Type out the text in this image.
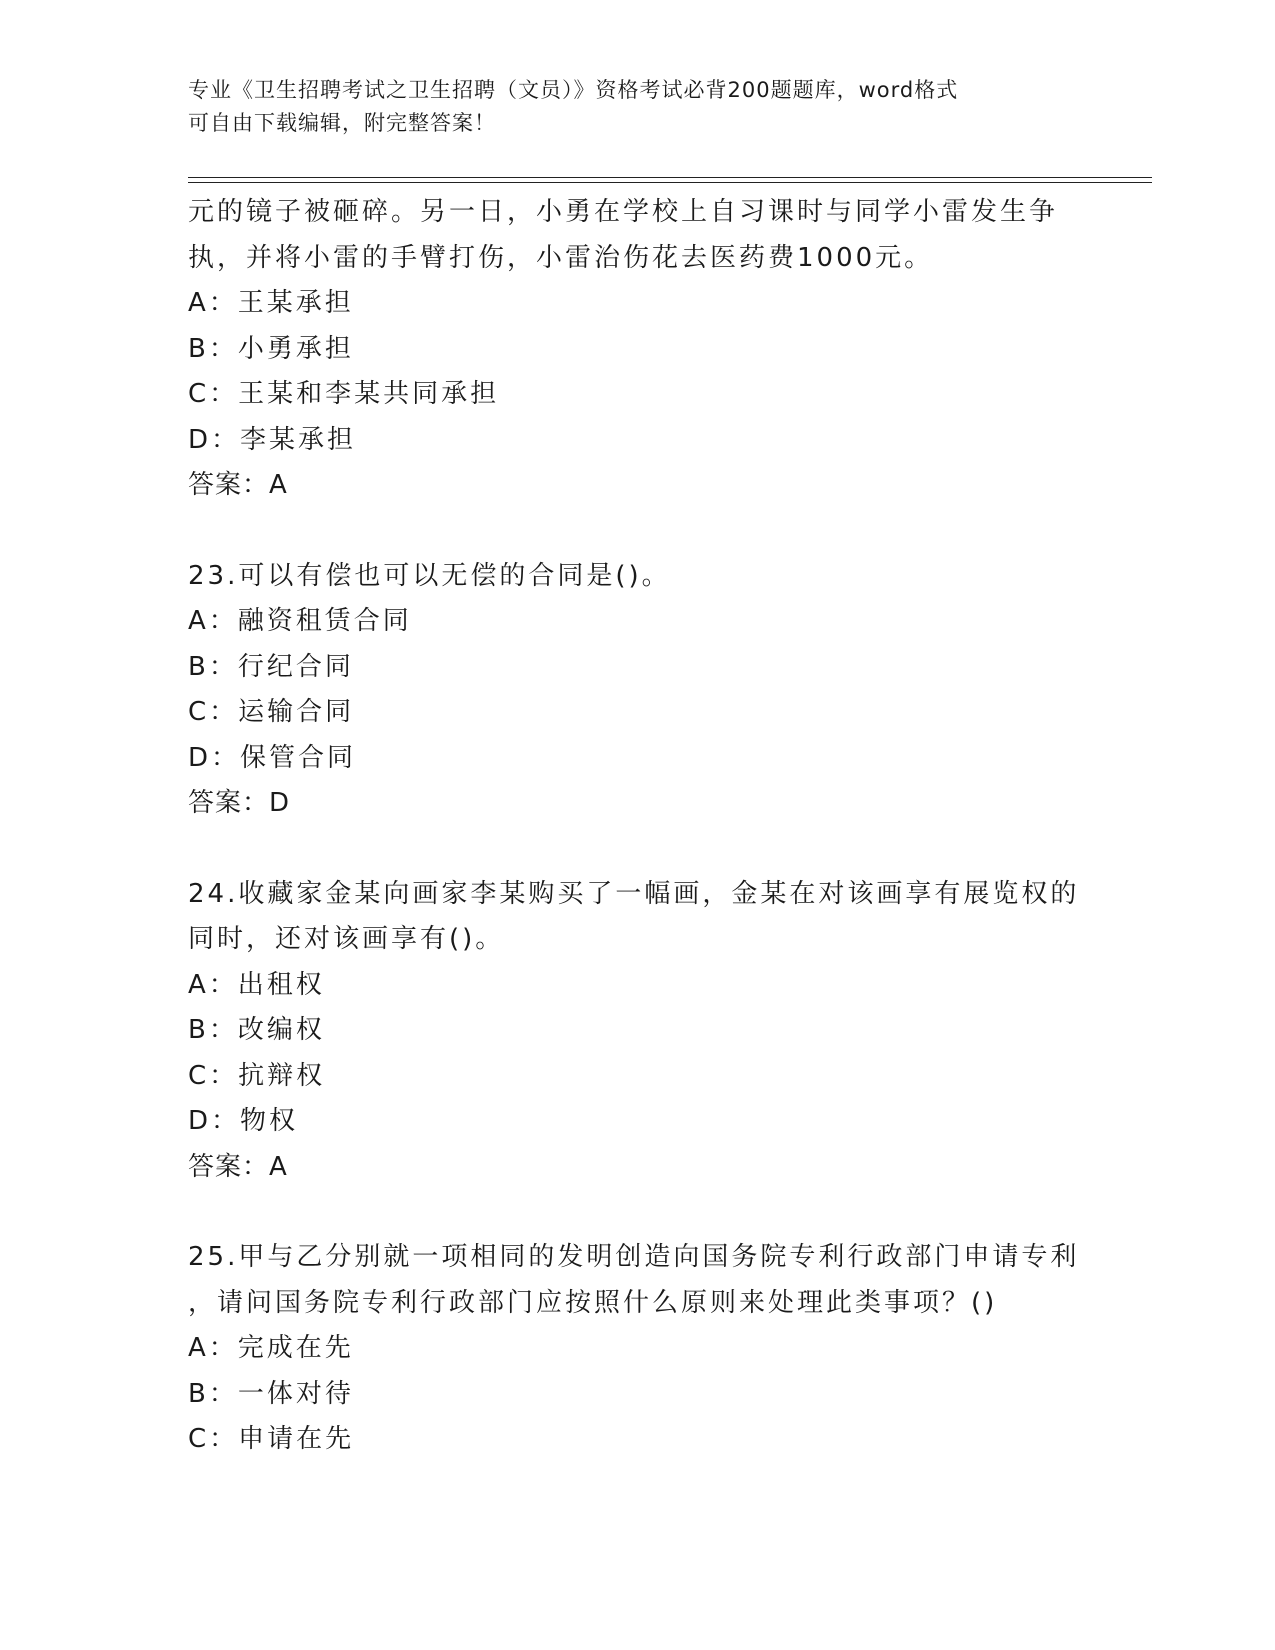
专业《卫生招聘考试之卫生招聘（文员）》资格考试必背200题题库，word格式
可自由下载编辑，附完整答案！
元的镜子被砸碎。另一日，小勇在学校上自习课时与同学小雷发生争
执，并将小雷的手臂打伤，小雷治伤花去医药费1000元。
A：王某承担
B：小勇承担
C：王某和李某共同承担
D：李某承担
答案：A
23.可以有偿也可以无偿的合同是()。
A：融资租赁合同
B：行纪合同
C：运输合同
D：保管合同
答案：D
24.收藏家金某向画家李某购买了一幅画，金某在对该画享有展览权的
同时，还对该画享有()。
A：出租权
B：改编权
C：抗辩权
D：物权
答案：A
25.甲与乙分别就一项相同的发明创造向国务院专利行政部门申请专利
，请问国务院专利行政部门应按照什么原则来处理此类事项？()
A：完成在先
B：一体对待
C：申请在先
